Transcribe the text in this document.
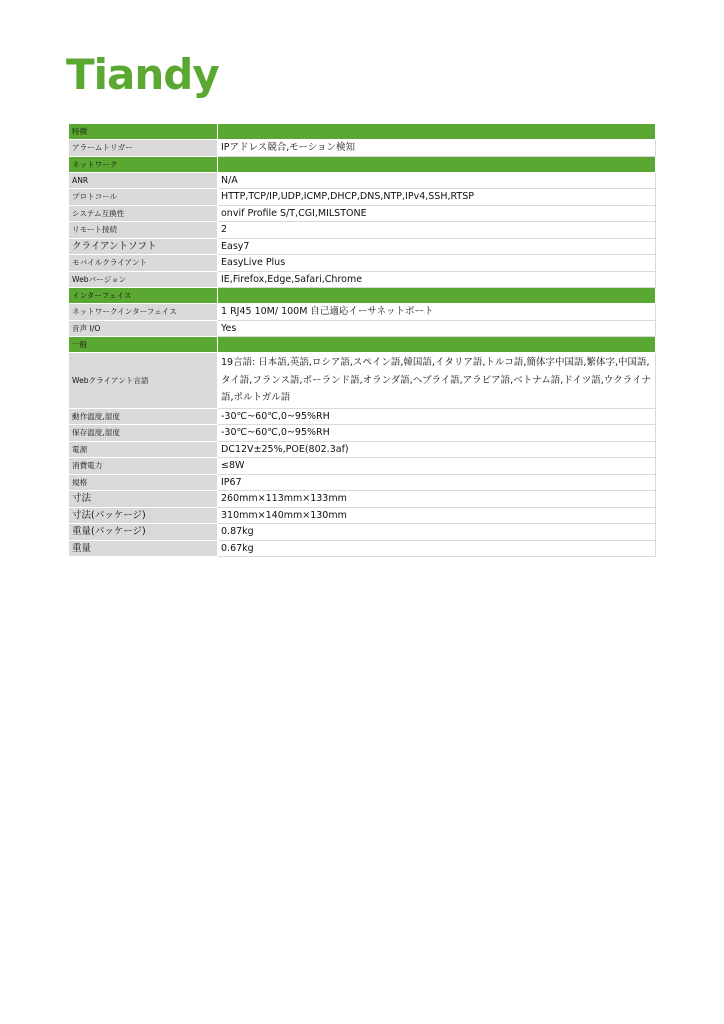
Tiandy
特徴	
アラームトリガー	IPアドレス競合,モーション検知
ネットワーク	
ANR	N/A
プロトコール	HTTP,TCP/IP,UDP,ICMP,DHCP,DNS,NTP,IPv4,SSH,RTSP
システム互換性	onvif Profile S/T,CGI,MILSTONE
リモート接続	2
クライアントソフト	Easy7
モバイルクライアント	EasyLive Plus
Webバージョン	IE,Firefox,Edge,Safari,Chrome
インターフェイス	
ネットワークインターフェイス	1 RJ45 10M/ 100M 自己適応イーサネットポート
音声 I/O	Yes
一般	
Webクライアント言語	19言語: 日本語,英語,ロシア語,スペイン語,韓国語,イタリア語,トルコ語,簡体字中国語,繁体字,中国語,タイ語,フランス語,ポーランド語,オランダ語,ヘブライ語,アラビア語,ベトナム語,ドイツ語,ウクライナ語,ポルトガル語
動作温度,湿度	-30℃~60℃,0~95%RH
保存温度,湿度	-30℃~60℃,0~95%RH
電源	DC12V±25%,POE(802.3af)
消費電力	≤8W
規格	IP67
寸法	260mm×113mm×133mm
寸法(パッケージ)	310mm×140mm×130mm
重量(パッケージ)	0.87kg
重量	0.67kg
